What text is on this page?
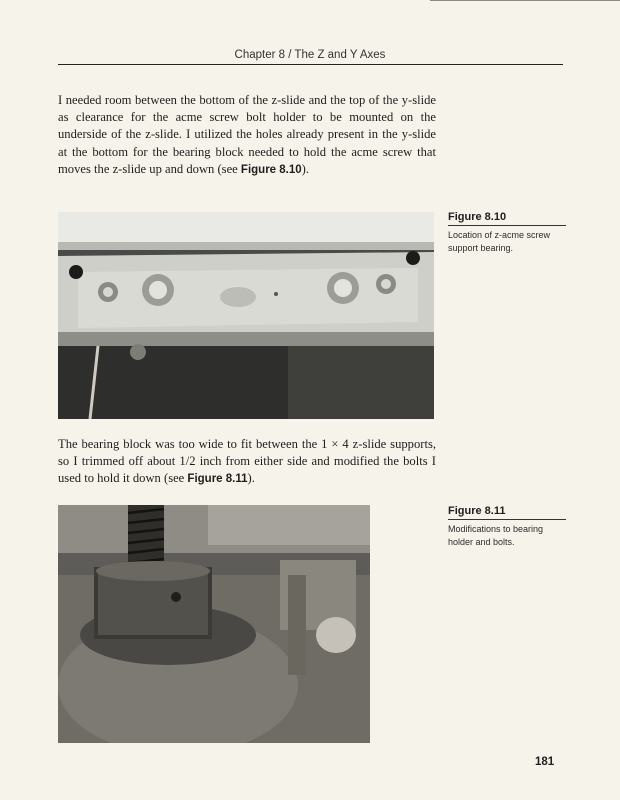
Chapter 8 / The Z and Y Axes

I needed room between the bottom of the z-slide and the top of the y-slide as clearance for the acme screw bolt holder to be mounted on the underside of the z-slide. I utilized the holes already present in the y-slide at the bottom for the bearing block needed to hold the acme screw that moves the z-slide up and down (see Figure 8.10).

Figure 8.10
Location of z-acme screw support bearing.

The bearing block was too wide to fit between the 1 × 4 z-slide supports, so I trimmed off about 1/2 inch from either side and modified the bolts I used to hold it down (see Figure 8.11).

Figure 8.11
Modifications to bearing holder and bolts.
181
